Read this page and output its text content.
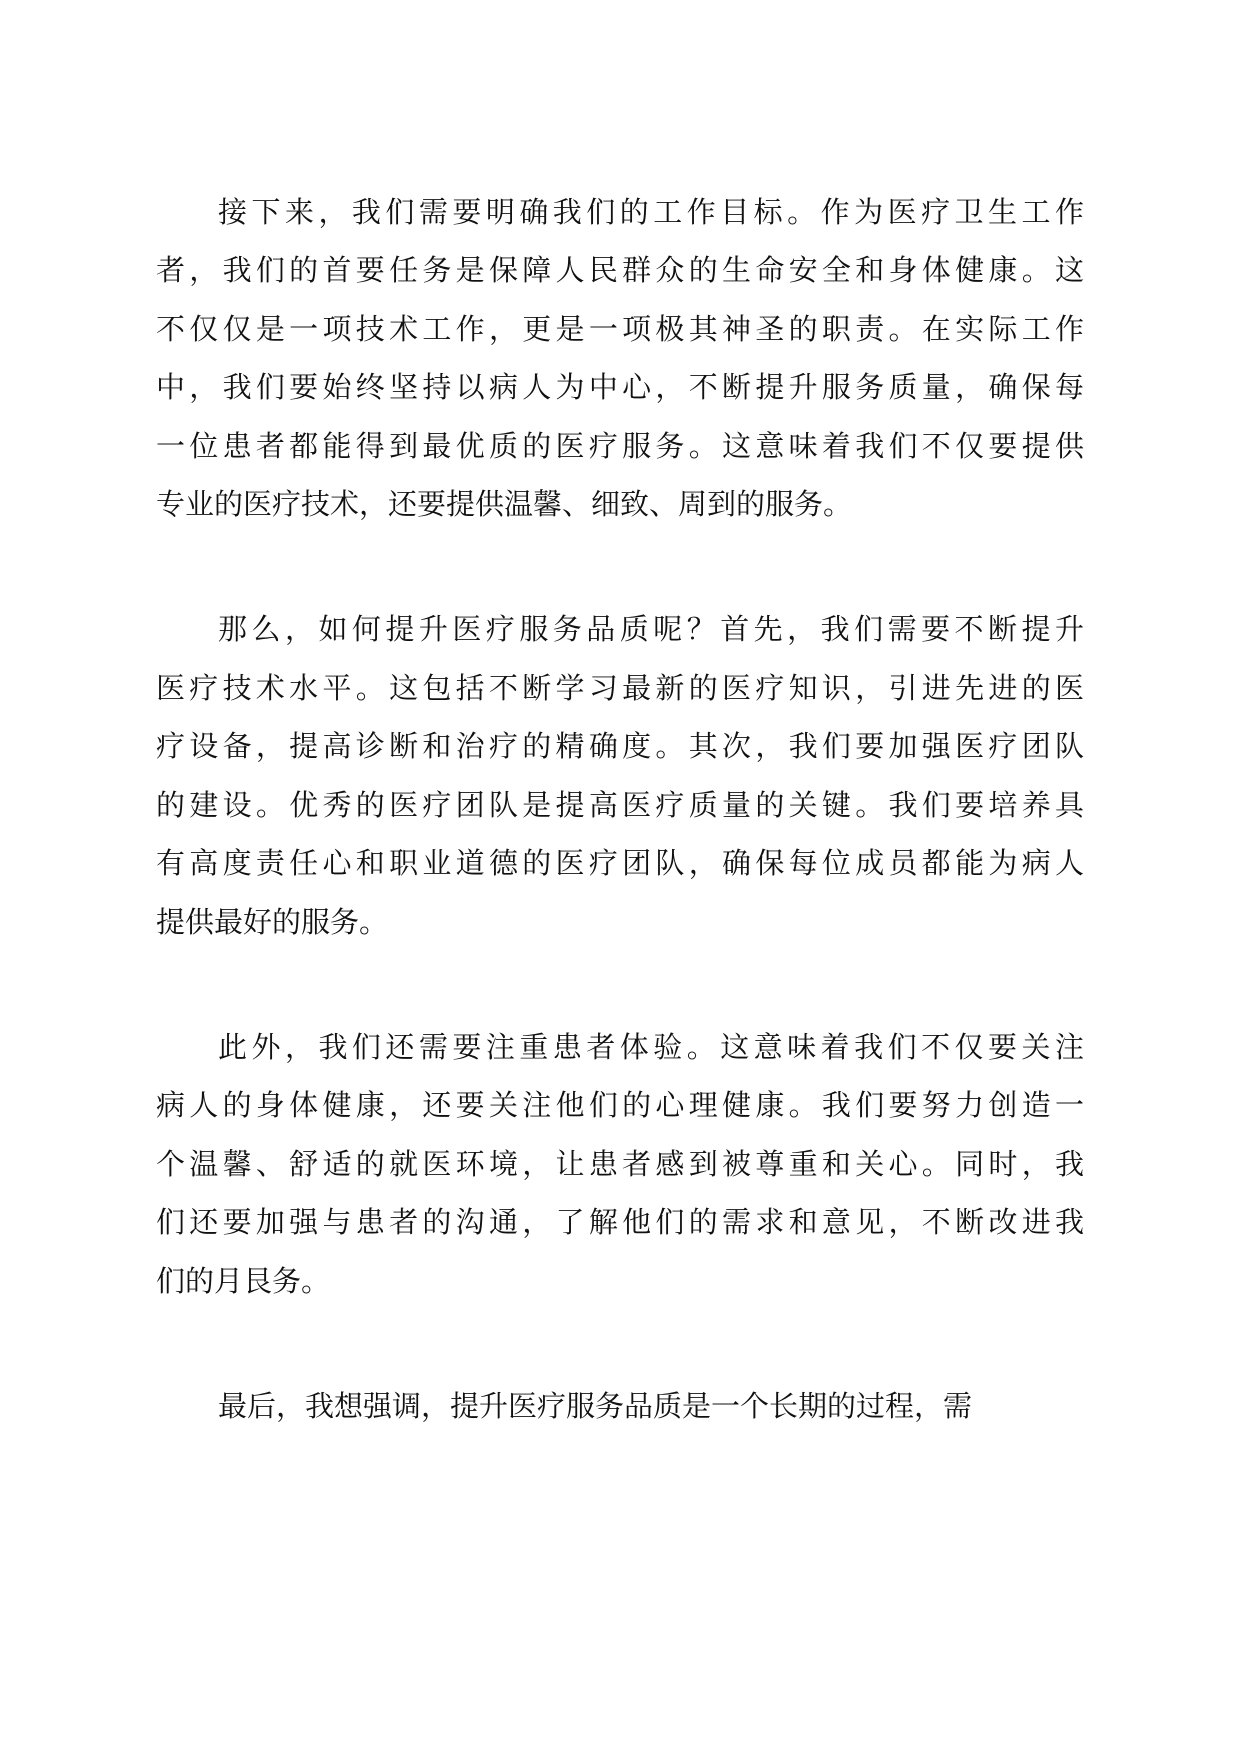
接下来，我们需要明确我们的工作目标。作为医疗卫生工作
者，我们的首要任务是保障人民群众的生命安全和身体健康。这
不仅仅是一项技术工作，更是一项极其神圣的职责。在实际工作
中，我们要始终坚持以病人为中心，不断提升服务质量，确保每
一位患者都能得到最优质的医疗服务。这意味着我们不仅要提供
专业的医疗技术，还要提供温馨、细致、周到的服务。
那么，如何提升医疗服务品质呢？首先，我们需要不断提升
医疗技术水平。这包括不断学习最新的医疗知识，引进先进的医
疗设备，提高诊断和治疗的精确度。其次，我们要加强医疗团队
的建设。优秀的医疗团队是提高医疗质量的关键。我们要培养具
有高度责任心和职业道德的医疗团队，确保每位成员都能为病人
提供最好的服务。
此外，我们还需要注重患者体验。这意味着我们不仅要关注
病人的身体健康，还要关注他们的心理健康。我们要努力创造一
个温馨、舒适的就医环境，让患者感到被尊重和关心。同时，我
们还要加强与患者的沟通，了解他们的需求和意见，不断改进我
们的月艮务。
最后，我想强调，提升医疗服务品质是一个长期的过程，需
